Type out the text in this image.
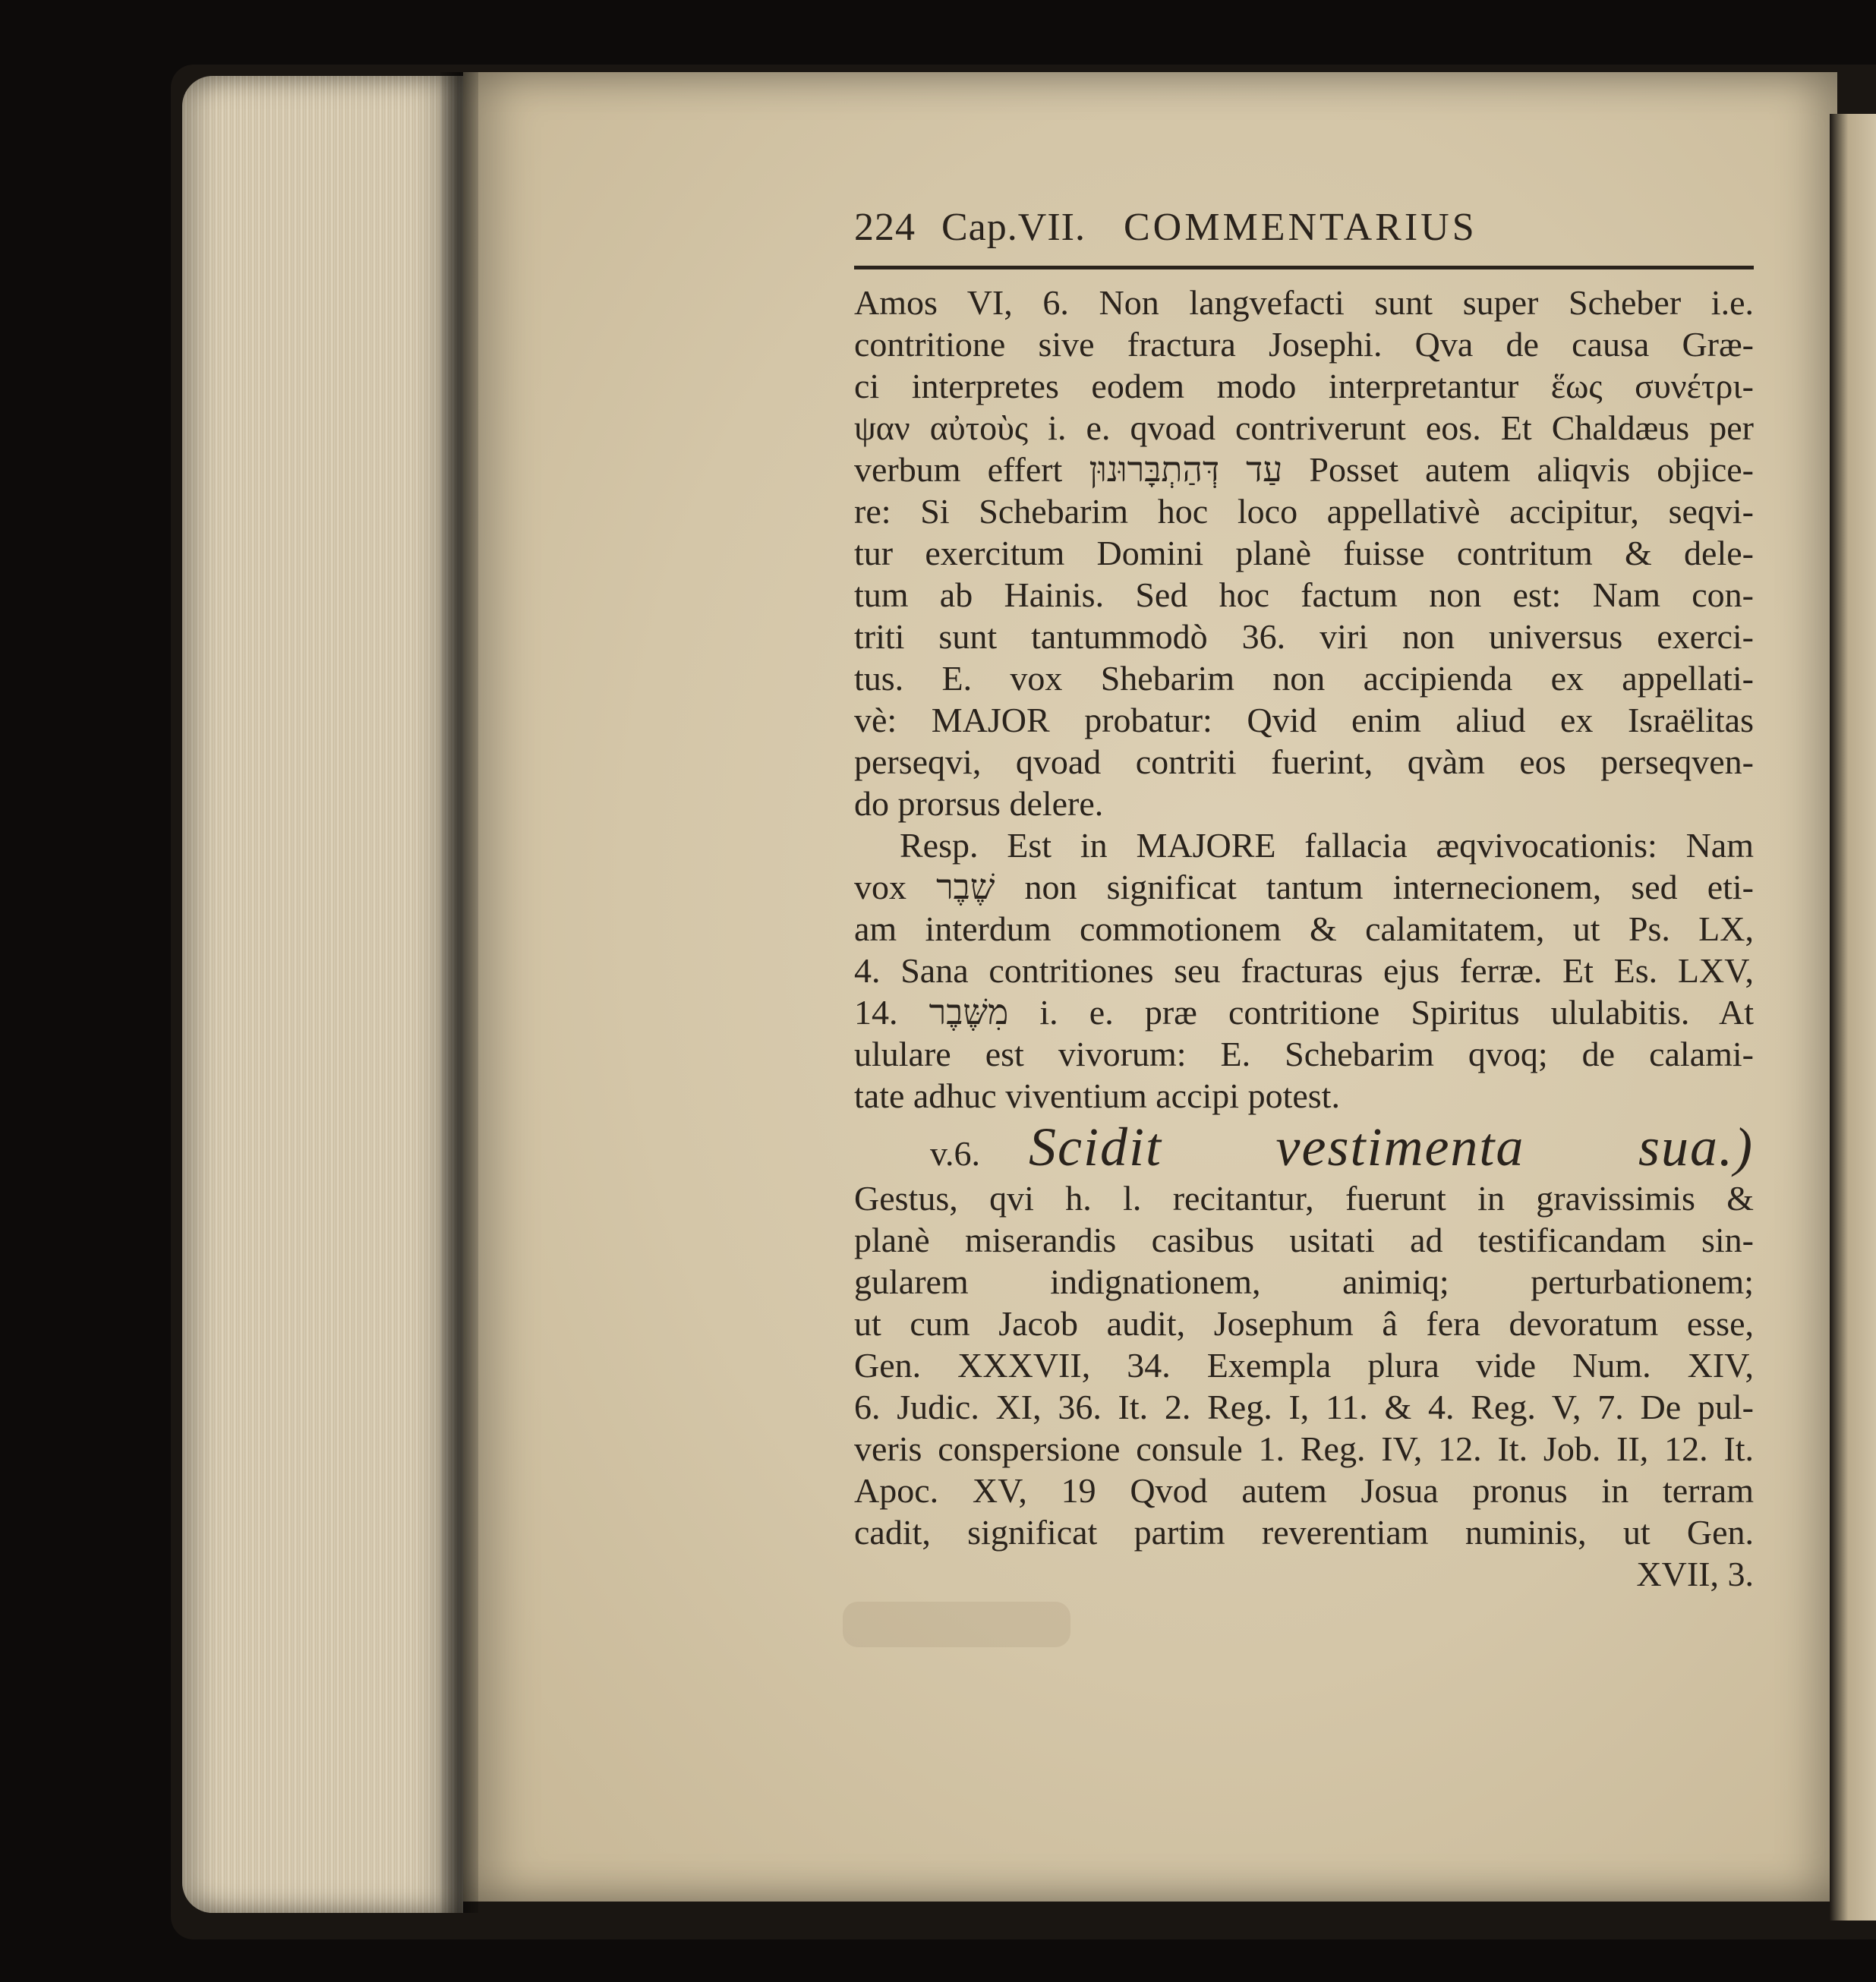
224 Cap.VII. COMMENTARIUS
Amos VI, 6. Non langvefacti sunt super Scheber i.e.
contritione sive fractura Josephi. Qva de causa Græ-
ci interpretes eodem modo interpretantur ἕως συνέτρι-
ψαν αὐτοὺς i. e. qvoad contriverunt eos. Et Chaldæus per
verbum effert עַד דְּהַתְבָּרוּנוּן Posset autem aliqvis objice-
re: Si Schebarim hoc loco appellativè accipitur, seqvi-
tur exercitum Domini planè fuisse contritum & dele-
tum ab Hainis. Sed hoc factum non est: Nam con-
triti sunt tantummodò 36. viri non universus exerci-
tus. E. vox Shebarim non accipienda ex appellati-
vè: MAJOR probatur: Qvid enim aliud ex Israëlitas
perseqvi, qvoad contriti fuerint, qvàm eos perseqven-
do prorsus delere.
Resp. Est in MAJORE fallacia æqvivocationis: Nam
vox שֶׁבֶר non significat tantum internecionem, sed eti-
am interdum commotionem & calamitatem, ut Ps. LX,
4. Sana contritiones seu fracturas ejus ferræ. Et Es. LXV,
14. מִשֶּׁבֶר i. e. præ contritione Spiritus ululabitis. At
ululare est vivorum: E. Schebarim qvoq; de calami-
tate adhuc viventium accipi potest.
v.6. Scidit vestimenta sua.)
Gestus, qvi h. l. recitantur, fuerunt in gravissimis &
planè miserandis casibus usitati ad testificandam sin-
gularem indignationem, animiq; perturbationem;
ut cum Jacob audit, Josephum â fera devoratum esse,
Gen. XXXVII, 34. Exempla plura vide Num. XIV,
6. Judic. XI, 36. It. 2. Reg. I, 11. & 4. Reg. V, 7. De pul-
veris conspersione consule 1. Reg. IV, 12. It. Job. II, 12. It.
Apoc. XV, 19 Qvod autem Josua pronus in terram
cadit, significat partim reverentiam numinis, ut Gen.
XVII, 3.
